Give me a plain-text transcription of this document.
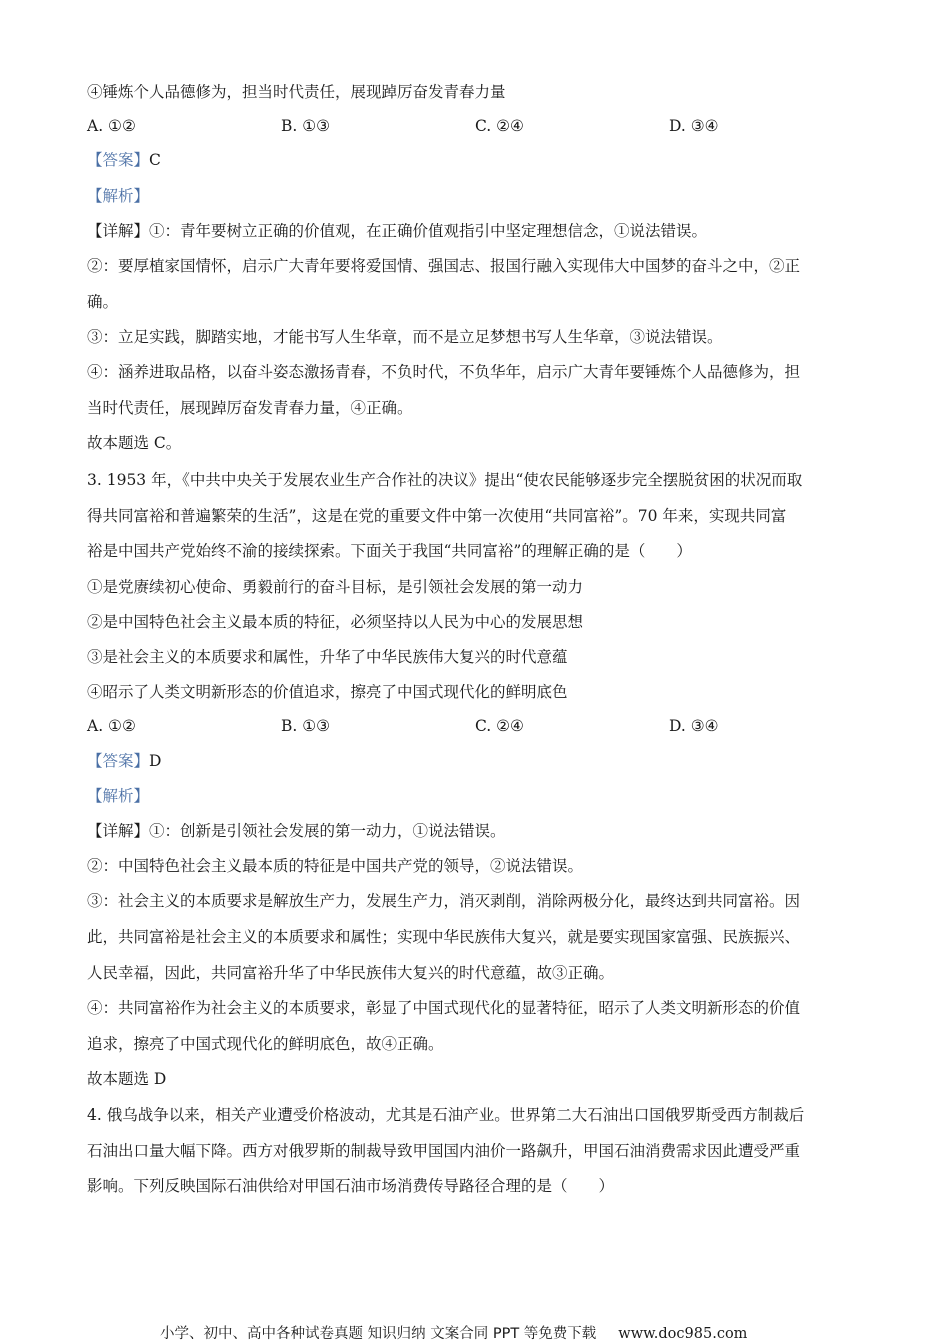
④锤炼个人品德修为，担当时代责任，展现踔厉奋发青春力量
A. ①②	B. ①③	C. ②④	D. ③④
【答案】C
【解析】
【详解】①：青年要树立正确的价值观，在正确价值观指引中坚定理想信念，①说法错误。
②：要厚植家国情怀，启示广大青年要将爱国情、强国志、报国行融入实现伟大中国梦的奋斗之中，②正
确。
③：立足实践，脚踏实地，才能书写人生华章，而不是立足梦想书写人生华章，③说法错误。
④：涵养进取品格，以奋斗姿态激扬青春，不负时代，不负华年，启示广大青年要锤炼个人品德修为，担
当时代责任，展现踔厉奋发青春力量，④正确。
故本题选 C。
3. 1953 年，《中共中央关于发展农业生产合作社的决议》提出“使农民能够逐步完全摆脱贫困的状况而取
得共同富裕和普遍繁荣的生活”，这是在党的重要文件中第一次使用“共同富裕”。70 年来，实现共同富
裕是中国共产党始终不渝的接续探索。下面关于我国“共同富裕”的理解正确的是（　　）
①是党赓续初心使命、勇毅前行的奋斗目标，是引领社会发展的第一动力
②是中国特色社会主义最本质的特征，必须坚持以人民为中心的发展思想
③是社会主义的本质要求和属性，升华了中华民族伟大复兴的时代意蕴
④昭示了人类文明新形态的价值追求，擦亮了中国式现代化的鲜明底色
A. ①②	B. ①③	C. ②④	D. ③④
【答案】D
【解析】
【详解】①：创新是引领社会发展的第一动力，①说法错误。
②：中国特色社会主义最本质的特征是中国共产党的领导，②说法错误。
③：社会主义的本质要求是解放生产力，发展生产力，消灭剥削，消除两极分化，最终达到共同富裕。因
此，共同富裕是社会主义的本质要求和属性；实现中华民族伟大复兴，就是要实现国家富强、民族振兴、
人民幸福，因此，共同富裕升华了中华民族伟大复兴的时代意蕴，故③正确。
④：共同富裕作为社会主义的本质要求，彰显了中国式现代化的显著特征，昭示了人类文明新形态的价值
追求，擦亮了中国式现代化的鲜明底色，故④正确。
故本题选 D
4. 俄乌战争以来，相关产业遭受价格波动，尤其是石油产业。世界第二大石油出口国俄罗斯受西方制裁后
石油出口量大幅下降。西方对俄罗斯的制裁导致甲国国内油价一路飙升，甲国石油消费需求因此遭受严重
影响。下列反映国际石油供给对甲国石油市场消费传导路径合理的是（　　）
小学、初中、高中各种试卷真题 知识归纳 文案合同 PPT 等免费下载 www.doc985.com
